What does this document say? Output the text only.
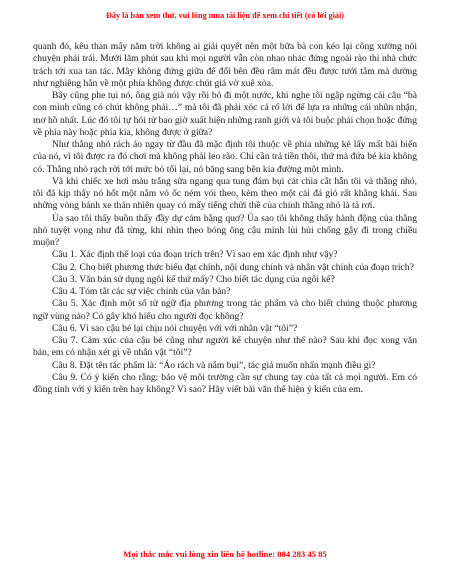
Đây là bản xem thử, vui lòng mua tài liệu để xem chi tiết (có lời giải)

quanh đó, kêu than mấy năm trời không ai giải quyết nên một bữa bà con kéo lại công xưởng nói chuyện phải trái. Mười lăm phút sau khi mọi người vẫn còn nhao nhác đứng ngoài rào thì nhà chức trách tới xua tan tác. Mây không đứng giữa để đối bên đều râm mát đều được tưới tắm mà dường như nghiêng hẳn về một phía không được chút giá vờ xuê xòa.

Bây cũng phe tụi nó, ông già nói vậy rồi bỏ đi một nước, khi nghe tôi ngập ngừng cái câu “bà con mình cũng có chút không phải…” mà tôi đã phải xóc cả rổ lời để lựa ra những cái nhũn nhặn, mơ hồ nhất. Lúc đó tôi tự hỏi từ bao giờ xuất hiện những ranh giới và tôi buộc phải chọn hoặc đứng về phía này hoặc phía kia, không được ở giữa?

Như thằng nhỏ rách áo ngay từ đầu đã mặc định tôi thuộc về phía những kẻ lấy mất bãi biển của nó, vì tôi được ra đó chơi mà không phải leo rào. Chỉ cần trả tiền thôi, thứ mà đứa bé kia không có. Thằng nhỏ rạch rời tới mức bỏ tối lại, nó băng sang bên kia đường một mình.

Và khi chiếc xe hơi màu trắng sữa ngang qua tung đám bụi cát chìa cắt hẫn tôi và thằng nhỏ, tôi đã kịp thấy nó hốt một nắm vỏ ốc ném vói theo, kèm theo một cái đá gió rất khẳng khái. Sau những vòng bánh xe thản nhiên quay có mấy tiếng chửi thề của chính thằng nhỏ là tả rơi.

Ủa sao tôi thấy buồn thấy đầy dự cảm bằng quơ? Ủa sao tôi không thấy hành động của thằng nhỏ tuyệt vọng như đã từng, khi nhìn theo bóng ông cậu mình lủi hủi chống gậy đi trong chiều muộn?

Câu 1. Xác định thể loại của đoạn trích trên? Vì sao em xác định như vậy?

Câu 2. Cho biết phương thức biểu đạt chính, nội dung chính và nhân vật chính của đoạn trích?

Câu 3. Văn bản sử dụng ngôi kể thứ mấy? Cho biết tác dụng của ngôi kể?

Câu 4. Tóm tắt các sự việc chính của văn bản?

Câu 5. Xác định một số từ ngữ địa phương trong tác phẩm và cho biết chúng thuộc phương ngữ vùng nào? Có gây khó hiểu cho người đọc không?

Câu 6. Vì sao cậu bé lại chịu nói chuyện với với nhân vật “tôi”?

Câu 7. Cảm xúc của cậu bé cũng như người kể chuyện như thế nào? Sau khi đọc xong văn bản, em có nhận xét gì về nhân vật “tôi”?

Câu 8. Đặt tên tác phẩm là: “Áo rách và nắm bụi”, tác giả muốn nhấn mạnh điều gì?

Câu 9. Có ý kiến cho rằng: bảo vệ môi trường cần sự chung tay của tất cả mọi người. Em có đồng tình với ý kiến trên hay không? Vì sao? Hãy viết bài văn thể hiện ý kiến của em.

Mọi thắc mắc vui lòng xin liên hệ hotline: 084 283 45 85
